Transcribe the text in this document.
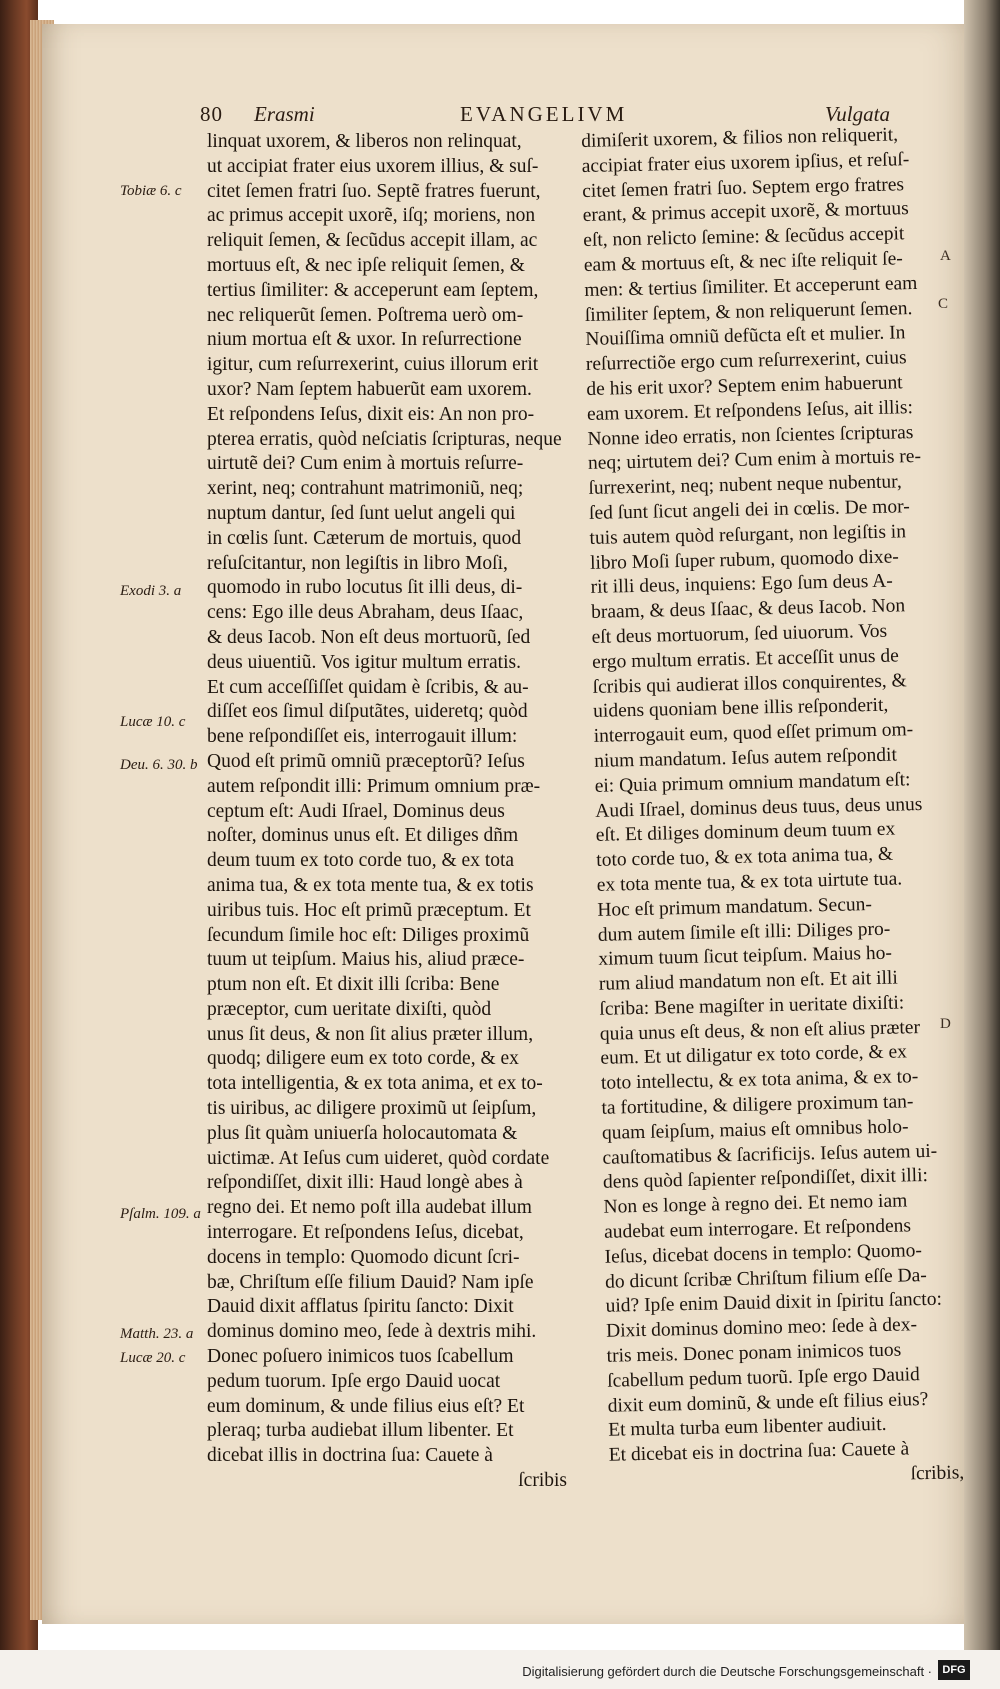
80 Erasmi	EVANGELIVM	Vulgata
Tobiæ 6. c
Exodi 3. a
Lucæ 10. c
Deu. 6. 30. b
Pſalm. 109. a
Matth. 23. a
Lucæ 20. c
A
C
D
linquat uxorem, & liberos non relinquat,
ut accipiat frater eius uxorem illius, & suſ-
citet ſemen fratri ſuo. Septẽ fratres fuerunt,
ac primus accepit uxorẽ, iſq; moriens, non
reliquit ſemen, & ſecũdus accepit illam, ac
mortuus eſt, & nec ipſe reliquit ſemen, &
tertius ſimiliter: & acceperunt eam ſeptem,
nec reliquerũt ſemen. Poſtrema uerò om-
nium mortua eſt & uxor. In reſurrectione
igitur, cum reſurrexerint, cuius illorum erit
uxor? Nam ſeptem habuerũt eam uxorem.
Et reſpondens Ieſus, dixit eis: An non pro-
pterea erratis, quòd neſciatis ſcripturas, neque
uirtutẽ dei? Cum enim à mortuis reſurre-
xerint, neq; contrahunt matrimoniũ, neq;
nuptum dantur, ſed ſunt uelut angeli qui
in cœlis ſunt. Cæterum de mortuis, quod
reſuſcitantur, non legiſtis in libro Moſi,
quomodo in rubo locutus ſit illi deus, di-
cens: Ego ille deus Abraham, deus Iſaac,
& deus Iacob. Non eſt deus mortuorũ, ſed
deus uiuentiũ. Vos igitur multum erratis.
Et cum acceſſiſſet quidam è ſcribis, & au-
diſſet eos ſimul diſputãtes, uideretq; quòd
bene reſpondiſſet eis, interrogauit illum:
Quod eſt primũ omniũ præceptorũ? Ieſus
autem reſpondit illi: Primum omnium præ-
ceptum eſt: Audi Iſrael, Dominus deus
noſter, dominus unus eſt. Et diliges dñm
deum tuum ex toto corde tuo, & ex tota
anima tua, & ex tota mente tua, & ex totis
uiribus tuis. Hoc eſt primũ præceptum. Et
ſecundum ſimile hoc eſt: Diliges proximũ
tuum ut teipſum. Maius his, aliud præce-
ptum non eſt. Et dixit illi ſcriba: Bene
præceptor, cum ueritate dixiſti, quòd
unus ſit deus, & non ſit alius præter illum,
quodq; diligere eum ex toto corde, & ex
tota intelligentia, & ex tota anima, et ex to-
tis uiribus, ac diligere proximũ ut ſeipſum,
plus ſit quàm uniuerſa holocautomata &
uictimæ. At Ieſus cum uideret, quòd cordate
reſpondiſſet, dixit illi: Haud longè abes à
regno dei. Et nemo poſt illa audebat illum
interrogare. Et reſpondens Ieſus, dicebat,
docens in templo: Quomodo dicunt ſcri-
bæ, Chriſtum eſſe filium Dauid? Nam ipſe
Dauid dixit afflatus ſpiritu ſancto: Dixit
dominus domino meo, ſede à dextris mihi.
Donec poſuero inimicos tuos ſcabellum
pedum tuorum. Ipſe ergo Dauid uocat
eum dominum, & unde filius eius eſt? Et
pleraq; turba audiebat illum libenter. Et
dicebat illis in doctrina ſua: Cauete à
ſcribis
dimiſerit uxorem, & filios non reliquerit,
accipiat frater eius uxorem ipſius, et reſuſ-
citet ſemen fratri ſuo. Septem ergo fratres
erant, & primus accepit uxorẽ, & mortuus
eſt, non relicto ſemine: & ſecũdus accepit
eam & mortuus eſt, & nec iſte reliquit ſe-
men: & tertius ſimiliter. Et acceperunt eam
ſimiliter ſeptem, & non reliquerunt ſemen.
Nouiſſima omniũ defũcta eſt et mulier. In
reſurrectiõe ergo cum reſurrexerint, cuius
de his erit uxor? Septem enim habuerunt
eam uxorem. Et reſpondens Ieſus, ait illis:
Nonne ideo erratis, non ſcientes ſcripturas
neq; uirtutem dei? Cum enim à mortuis re-
ſurrexerint, neq; nubent neque nubentur,
ſed ſunt ſicut angeli dei in cœlis. De mor-
tuis autem quòd reſurgant, non legiſtis in
libro Moſi ſuper rubum, quomodo dixe-
rit illi deus, inquiens: Ego ſum deus A-
braam, & deus Iſaac, & deus Iacob. Non
eſt deus mortuorum, ſed uiuorum. Vos
ergo multum erratis. Et acceſſit unus de
ſcribis qui audierat illos conquirentes, &
uidens quoniam bene illis reſponderit,
interrogauit eum, quod eſſet primum om-
nium mandatum. Ieſus autem reſpondit
ei: Quia primum omnium mandatum eſt:
Audi Iſrael, dominus deus tuus, deus unus
eſt. Et diliges dominum deum tuum ex
toto corde tuo, & ex tota anima tua, &
ex tota mente tua, & ex tota uirtute tua.
Hoc eſt primum mandatum. Secun-
dum autem ſimile eſt illi: Diliges pro-
ximum tuum ſicut teipſum. Maius ho-
rum aliud mandatum non eſt. Et ait illi
ſcriba: Bene magiſter in ueritate dixiſti:
quia unus eſt deus, & non eſt alius præter
eum. Et ut diligatur ex toto corde, & ex
toto intellectu, & ex tota anima, & ex to-
ta fortitudine, & diligere proximum tan-
quam ſeipſum, maius eſt omnibus holo-
cauſtomatibus & ſacrificijs. Ieſus autem ui-
dens quòd ſapienter reſpondiſſet, dixit illi:
Non es longe à regno dei. Et nemo iam
audebat eum interrogare. Et reſpondens
Ieſus, dicebat docens in templo: Quomo-
do dicunt ſcribæ Chriſtum filium eſſe Da-
uid? Ipſe enim Dauid dixit in ſpiritu ſancto:
Dixit dominus domino meo: ſede à dex-
tris meis. Donec ponam inimicos tuos
ſcabellum pedum tuorũ. Ipſe ergo Dauid
dixit eum dominũ, & unde eſt filius eius?
Et multa turba eum libenter audiuit.
Et dicebat eis in doctrina ſua: Cauete à
ſcribis,
Digitalisierung gefördert durch die Deutsche Forschungsgemeinschaft · DFG
